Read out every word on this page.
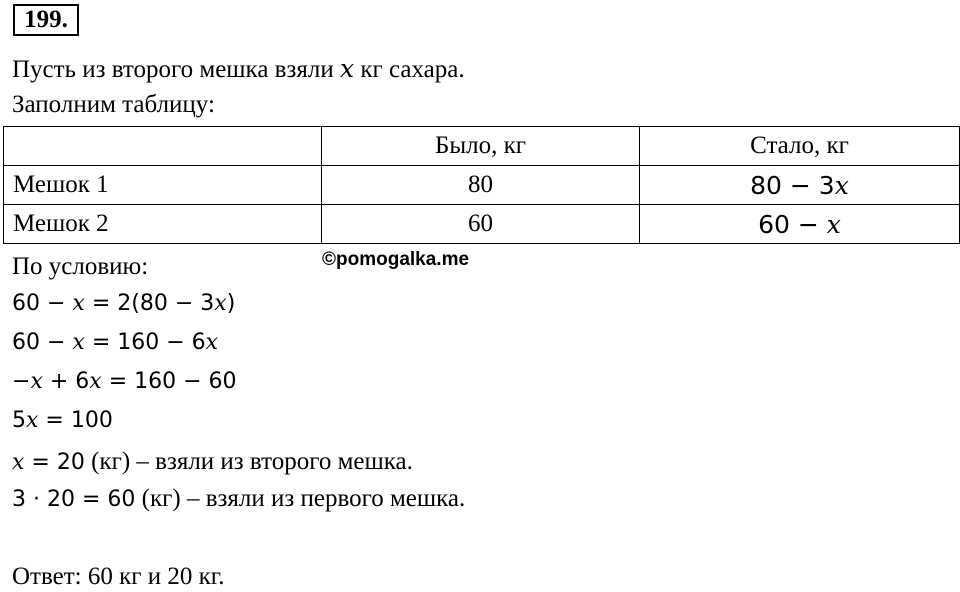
199.
Пусть из второго мешка взяли x кг сахара.
Заполним таблицу:
	Было, кг	Стало, кг
Мешок 1	80	80 − 3x
Мешок 2	60	60 − x
По условию:	©pomogalka.me
60 − x = 2(80 − 3x)
60 − x = 160 − 6x
−x + 6x = 160 − 60
5x = 100
x = 20 (кг) – взяли из второго мешка.
3 · 20 = 60 (кг) – взяли из первого мешка.
Ответ: 60 кг и 20 кг.
